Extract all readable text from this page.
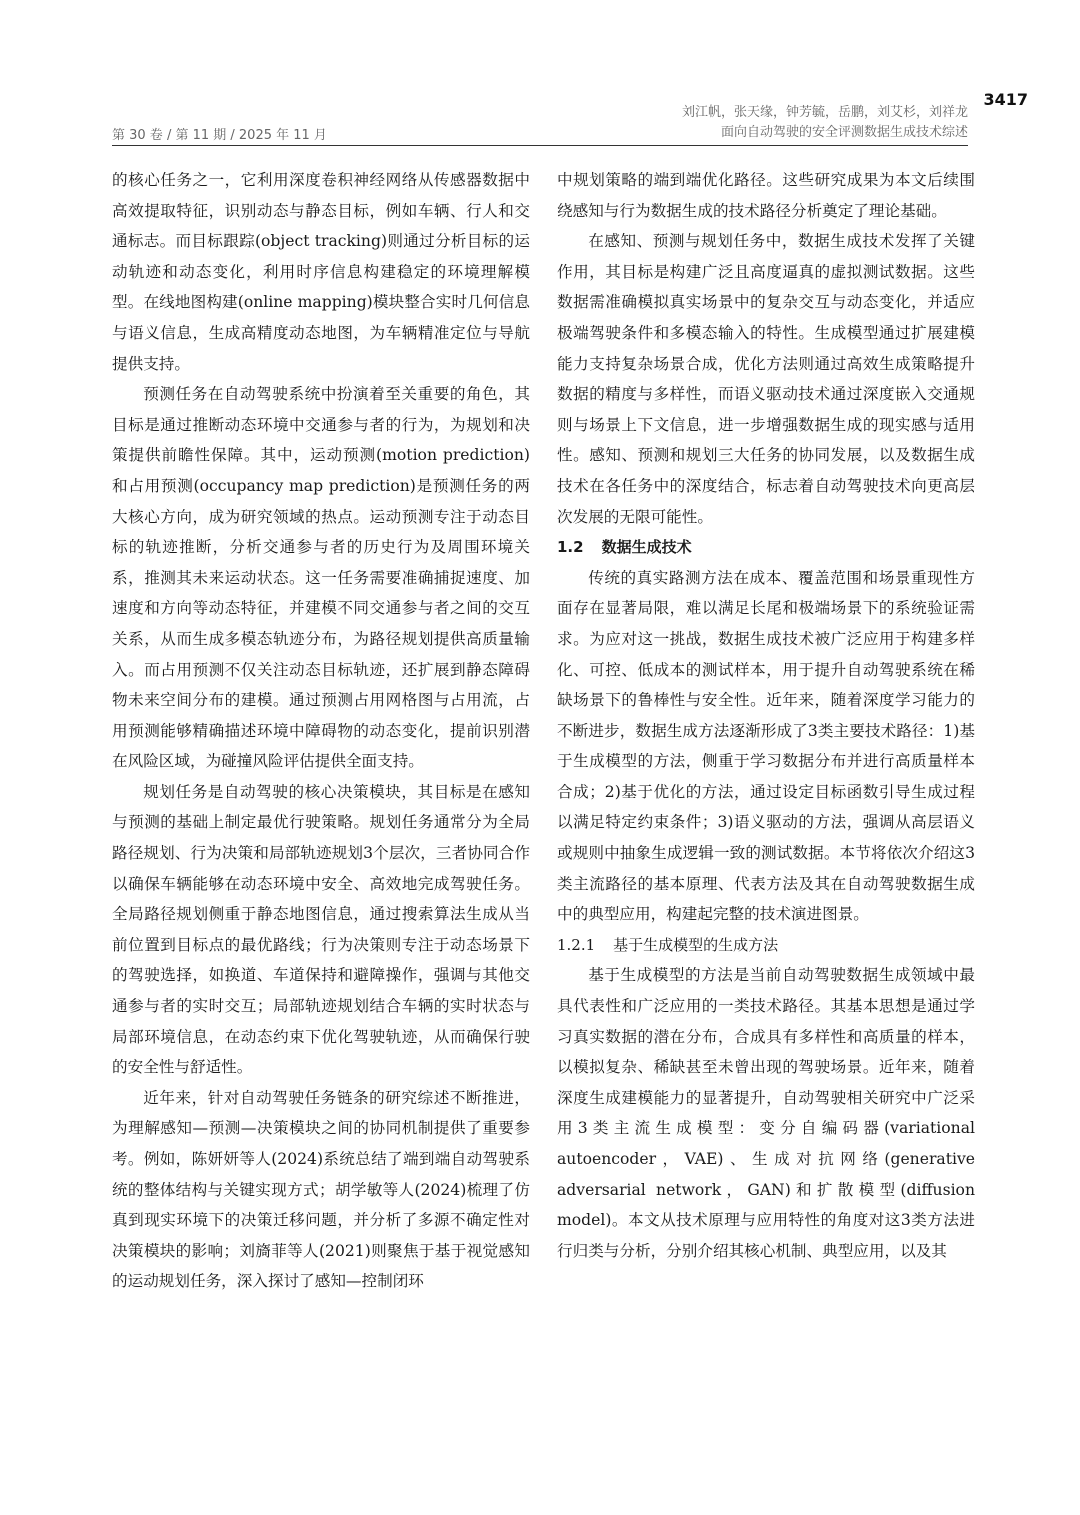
3417
第 30 卷 / 第 11 期 / 2025 年 11 月
刘江帆，张天缘，钟芳毓，岳鹏，刘艾杉，刘祥龙
面向自动驾驶的安全评测数据生成技术综述

的核心任务之一，它利用深度卷积神经网络从传感器数据中高效提取特征，识别动态与静态目标，例如车辆、行人和交通标志。而目标跟踪(object tracking)则通过分析目标的运动轨迹和动态变化，利用时序信息构建稳定的环境理解模型。在线地图构建(online mapping)模块整合实时几何信息与语义信息，生成高精度动态地图，为车辆精准定位与导航提供支持。

预测任务在自动驾驶系统中扮演着至关重要的角色，其目标是通过推断动态环境中交通参与者的行为，为规划和决策提供前瞻性保障。其中，运动预测(motion prediction)和占用预测(occupancy map prediction)是预测任务的两大核心方向，成为研究领域的热点。运动预测专注于动态目标的轨迹推断，分析交通参与者的历史行为及周围环境关系，推测其未来运动状态。这一任务需要准确捕捉速度、加速度和方向等动态特征，并建模不同交通参与者之间的交互关系，从而生成多模态轨迹分布，为路径规划提供高质量输入。而占用预测不仅关注动态目标轨迹，还扩展到静态障碍物未来空间分布的建模。通过预测占用网格图与占用流，占用预测能够精确描述环境中障碍物的动态变化，提前识别潜在风险区域，为碰撞风险评估提供全面支持。

规划任务是自动驾驶的核心决策模块，其目标是在感知与预测的基础上制定最优行驶策略。规划任务通常分为全局路径规划、行为决策和局部轨迹规划3个层次，三者协同合作以确保车辆能够在动态环境中安全、高效地完成驾驶任务。全局路径规划侧重于静态地图信息，通过搜索算法生成从当前位置到目标点的最优路线；行为决策则专注于动态场景下的驾驶选择，如换道、车道保持和避障操作，强调与其他交通参与者的实时交互；局部轨迹规划结合车辆的实时状态与局部环境信息，在动态约束下优化驾驶轨迹，从而确保行驶的安全性与舒适性。

近年来，针对自动驾驶任务链条的研究综述不断推进，为理解感知—预测—决策模块之间的协同机制提供了重要参考。例如，陈妍妍等人(2024)系统总结了端到端自动驾驶系统的整体结构与关键实现方式；胡学敏等人(2024)梳理了仿真到现实环境下的决策迁移问题，并分析了多源不确定性对决策模块的影响；刘旖菲等人(2021)则聚焦于基于视觉感知的运动规划任务，深入探讨了感知—控制闭环

中规划策略的端到端优化路径。这些研究成果为本文后续围绕感知与行为数据生成的技术路径分析奠定了理论基础。

在感知、预测与规划任务中，数据生成技术发挥了关键作用，其目标是构建广泛且高度逼真的虚拟测试数据。这些数据需准确模拟真实场景中的复杂交互与动态变化，并适应极端驾驶条件和多模态输入的特性。生成模型通过扩展建模能力支持复杂场景合成，优化方法则通过高效生成策略提升数据的精度与多样性，而语义驱动技术通过深度嵌入交通规则与场景上下文信息，进一步增强数据生成的现实感与适用性。感知、预测和规划三大任务的协同发展，以及数据生成技术在各任务中的深度结合，标志着自动驾驶技术向更高层次发展的无限可能性。

1.2 数据生成技术

传统的真实路测方法在成本、覆盖范围和场景重现性方面存在显著局限，难以满足长尾和极端场景下的系统验证需求。为应对这一挑战，数据生成技术被广泛应用于构建多样化、可控、低成本的测试样本，用于提升自动驾驶系统在稀缺场景下的鲁棒性与安全性。近年来，随着深度学习能力的不断进步，数据生成方法逐渐形成了3类主要技术路径：1)基于生成模型的方法，侧重于学习数据分布并进行高质量样本合成；2)基于优化的方法，通过设定目标函数引导生成过程以满足特定约束条件；3)语义驱动的方法，强调从高层语义或规则中抽象生成逻辑一致的测试数据。本节将依次介绍这3类主流路径的基本原理、代表方法及其在自动驾驶数据生成中的典型应用，构建起完整的技术演进图景。

1.2.1 基于生成模型的生成方法

基于生成模型的方法是当前自动驾驶数据生成领域中最具代表性和广泛应用的一类技术路径。其基本思想是通过学习真实数据的潜在分布，合成具有多样性和高质量的样本，以模拟复杂、稀缺甚至未曾出现的驾驶场景。近年来，随着深度生成建模能力的显著提升，自动驾驶相关研究中广泛采用3类主流生成模型：变分自编码器(variational autoencoder，VAE)、生成对抗网络(generative adversarial network，GAN)和扩散模型(diffusion model)。本文从技术原理与应用特性的角度对这3类方法进行归类与分析，分别介绍其核心机制、典型应用，以及其
